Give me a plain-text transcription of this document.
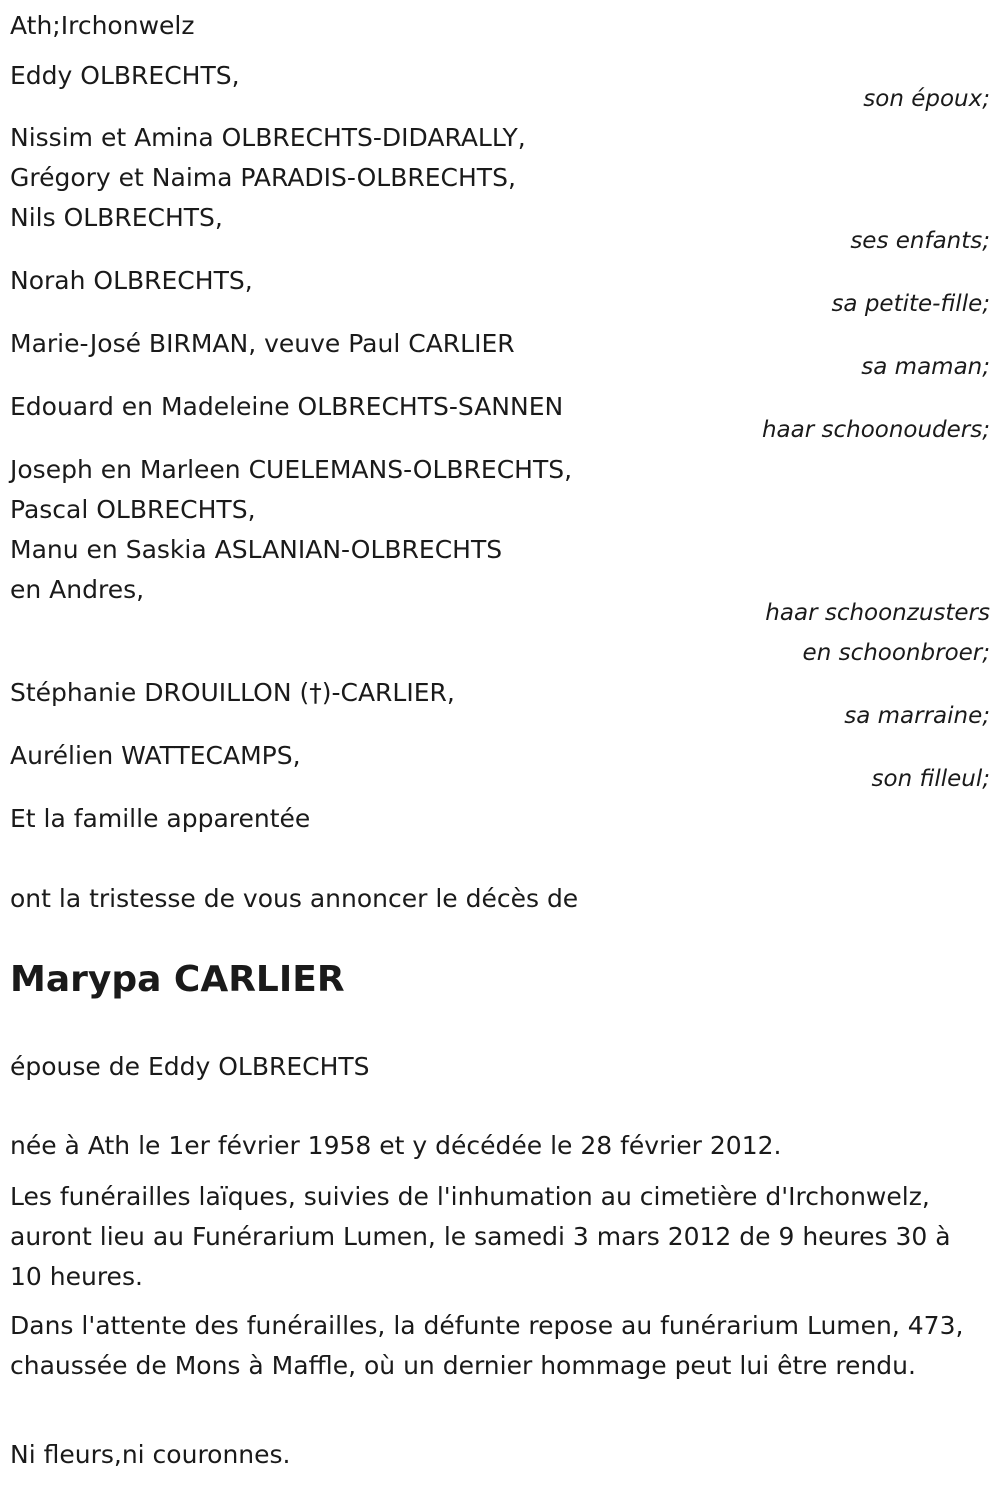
Ath;Irchonwelz
Eddy OLBRECHTS,
son époux;
Nissim et Amina OLBRECHTS-DIDARALLY,
Grégory et Naima PARADIS-OLBRECHTS,
Nils OLBRECHTS,
ses enfants;
Norah OLBRECHTS,
sa petite-fille;
Marie-José BIRMAN, veuve Paul CARLIER
sa maman;
Edouard en Madeleine OLBRECHTS-SANNEN
haar schoonouders;
Joseph en Marleen CUELEMANS-OLBRECHTS,
Pascal OLBRECHTS,
Manu en Saskia ASLANIAN-OLBRECHTS
en Andres,
haar schoonzusters
en schoonbroer;
Stéphanie DROUILLON (†)-CARLIER,
sa marraine;
Aurélien WATTECAMPS,
son filleul;
Et la famille apparentée
ont la tristesse de vous annoncer le décès de
Marypa CARLIER
épouse de Eddy OLBRECHTS
née à Ath le 1er février 1958 et y décédée le 28 février 2012.
Les funérailles laïques, suivies de l'inhumation au cimetière d'Irchonwelz, auront lieu au Funérarium Lumen, le samedi 3 mars 2012 de 9 heures 30 à 10 heures.
Dans l'attente des funérailles, la défunte repose au funérarium Lumen, 473, chaussée de Mons à Maffle, où un dernier hommage peut lui être rendu.
Ni fleurs,ni couronnes.
